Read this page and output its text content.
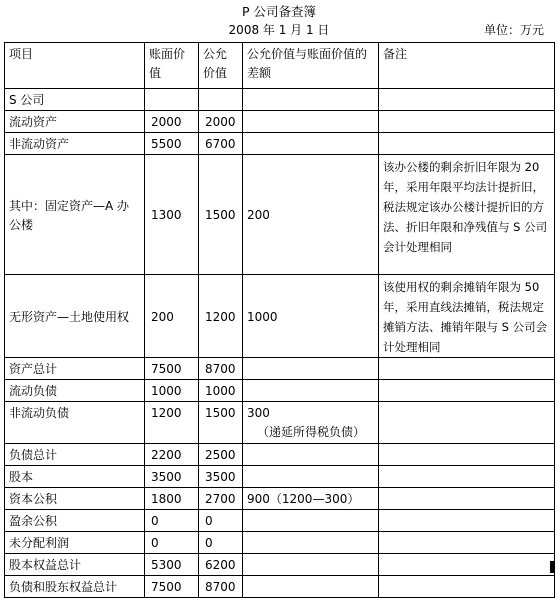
P 公司备查簿
2008 年 1 月 1 日	单位：万元
项目	账面价值	公允价值	公允价值与账面价值的差额	备注
S 公司				
流动资产	2000	2000		
非流动资产	5500	6700		
其中：固定资产—A 办公楼	1300	1500	200	该办公楼的剩余折旧年限为 20 年，采用年限平均法计提折旧，税法规定该办公楼计提折旧的方法、折旧年限和净残值与 S 公司会计处理相同
无形资产—土地使用权	200	1200	1000	该使用权的剩余摊销年限为 50 年，采用直线法摊销，税法规定摊销方法、摊销年限与 S 公司会计处理相同
资产总计	7500	8700		
流动负债	1000	1000		
非流动负债	1200	1500	300
（递延所得税负债）	

负债总计	2200	2500		
股本	3500	3500		
资本公积	1800	2700	900（1200—300）	
盈余公积	0	0		
未分配利润	0	0		
股本权益总计	5300	6200		
负债和股东权益总计	7500	8700		
